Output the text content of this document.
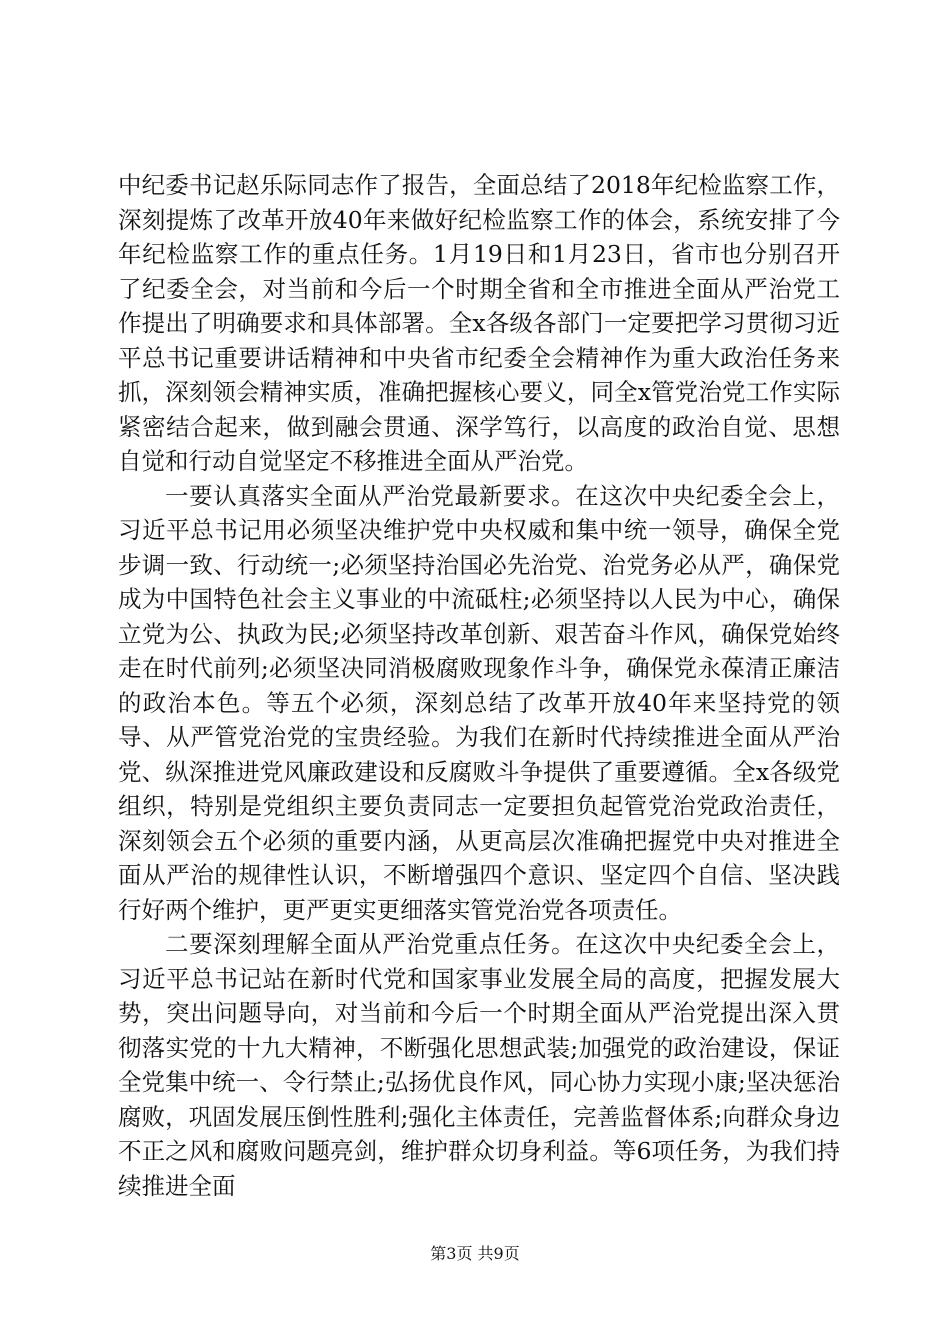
中纪委书记赵乐际同志作了报告，全面总结了2018年纪检监察工作，深刻提炼了改革开放40年来做好纪检监察工作的体会，系统安排了今年纪检监察工作的重点任务。1月19日和1月23日，省市也分别召开了纪委全会，对当前和今后一个时期全省和全市推进全面从严治党工作提出了明确要求和具体部署。全x各级各部门一定要把学习贯彻习近平总书记重要讲话精神和中央省市纪委全会精神作为重大政治任务来抓，深刻领会精神实质，准确把握核心要义，同全x管党治党工作实际紧密结合起来，做到融会贯通、深学笃行，以高度的政治自觉、思想自觉和行动自觉坚定不移推进全面从严治党。

一要认真落实全面从严治党最新要求。在这次中央纪委全会上，习近平总书记用必须坚决维护党中央权威和集中统一领导，确保全党步调一致、行动统一;必须坚持治国必先治党、治党务必从严，确保党成为中国特色社会主义事业的中流砥柱;必须坚持以人民为中心，确保立党为公、执政为民;必须坚持改革创新、艰苦奋斗作风，确保党始终走在时代前列;必须坚决同消极腐败现象作斗争，确保党永葆清正廉洁的政治本色。等五个必须，深刻总结了改革开放40年来坚持党的领导、从严管党治党的宝贵经验。为我们在新时代持续推进全面从严治党、纵深推进党风廉政建设和反腐败斗争提供了重要遵循。全x各级党组织，特别是党组织主要负责同志一定要担负起管党治党政治责任，深刻领会五个必须的重要内涵，从更高层次准确把握党中央对推进全面从严治的规律性认识，不断增强四个意识、坚定四个自信、坚决践行好两个维护，更严更实更细落实管党治党各项责任。

二要深刻理解全面从严治党重点任务。在这次中央纪委全会上，习近平总书记站在新时代党和国家事业发展全局的高度，把握发展大势，突出问题导向，对当前和今后一个时期全面从严治党提出深入贯彻落实党的十九大精神，不断强化思想武装;加强党的政治建设，保证全党集中统一、令行禁止;弘扬优良作风，同心协力实现小康;坚决惩治腐败，巩固发展压倒性胜利;强化主体责任，完善监督体系;向群众身边不正之风和腐败问题亮剑，维护群众切身利益。等6项任务，为我们持续推进全面

第3页 共9页
